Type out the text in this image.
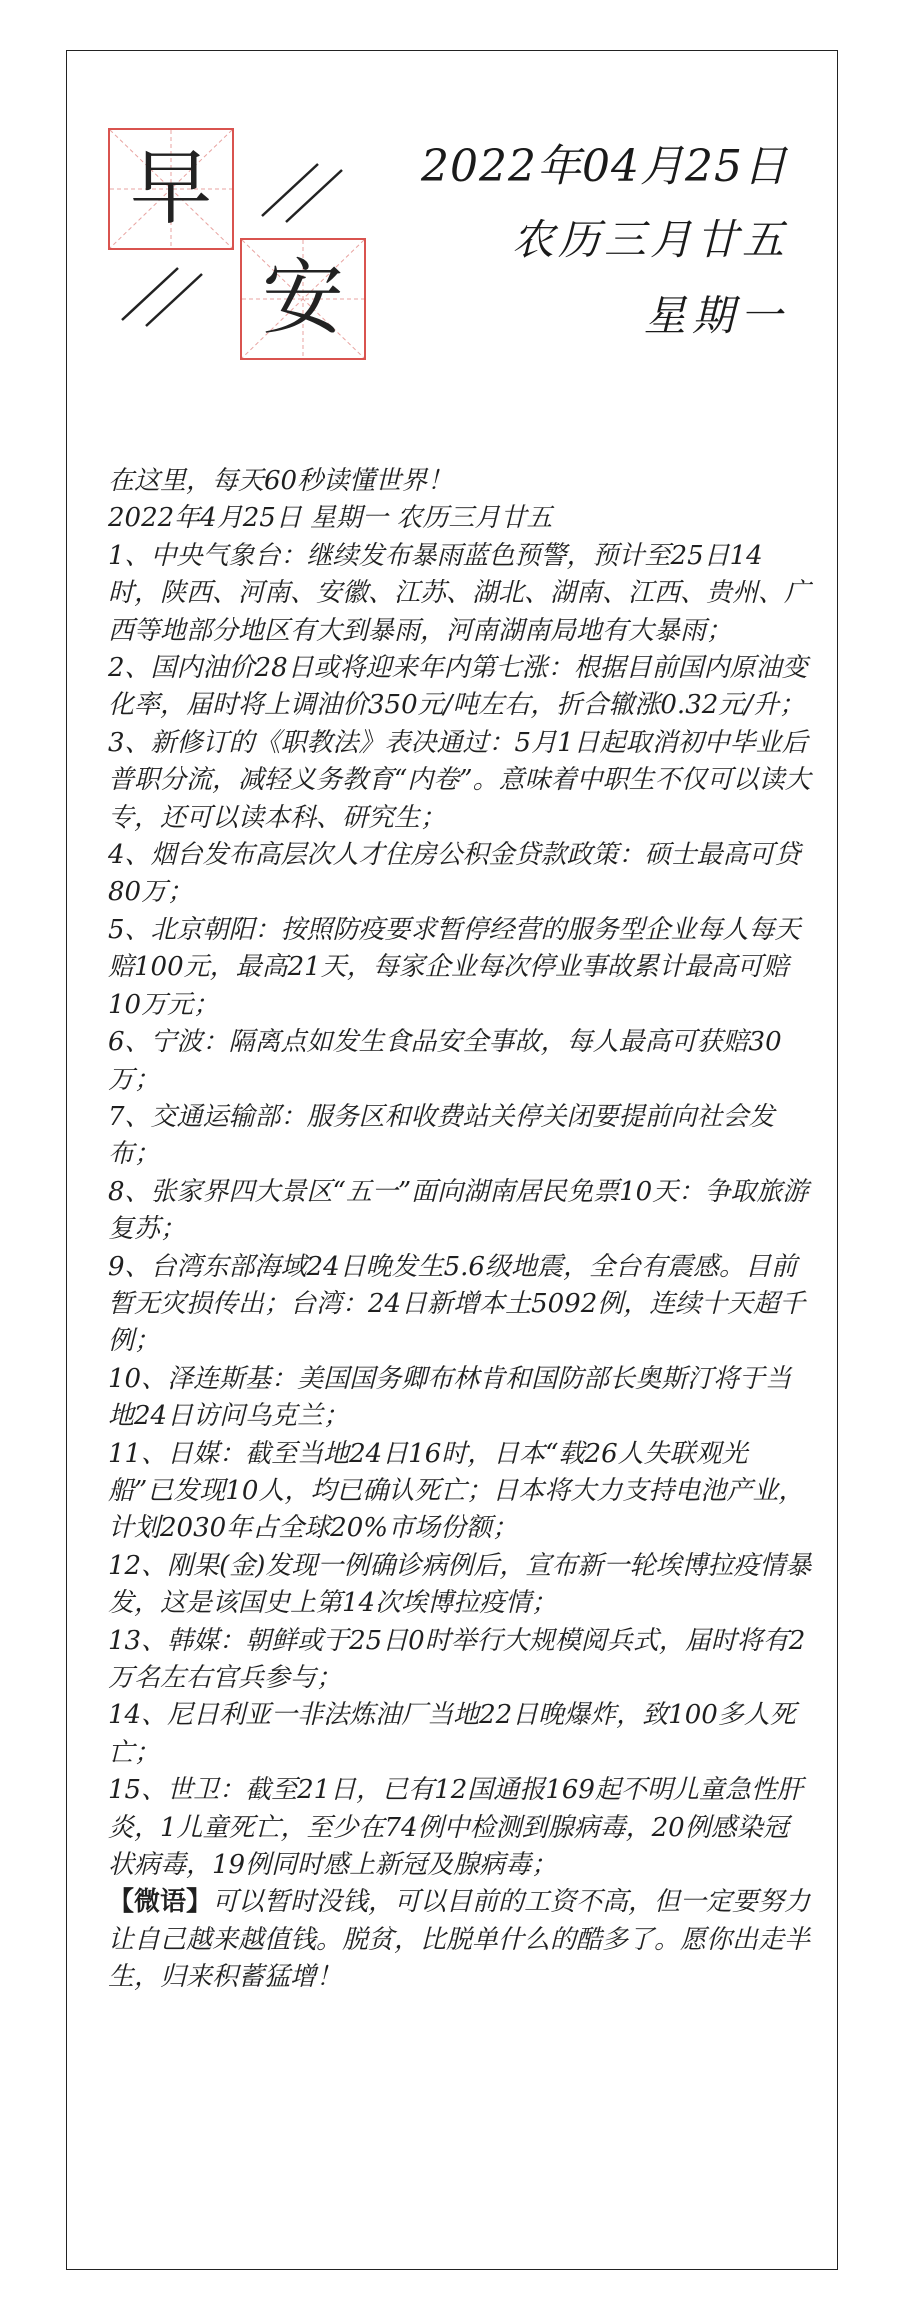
早
安
2022年04月25日
农历三月廿五
星期一

在这里，每天60秒读懂世界！

2022年4月25日 星期一 农历三月廿五

1、中央气象台：继续发布暴雨蓝色预警，预计至25日14时，陕西、河南、安徽、江苏、湖北、湖南、江西、贵州、广西等地部分地区有大到暴雨，河南湖南局地有大暴雨；

2、国内油价28日或将迎来年内第七涨：根据目前国内原油变化率，届时将上调油价350元/吨左右，折合辙涨0.32元/升；

3、新修订的《职教法》表决通过：5月1日起取消初中毕业后普职分流，减轻义务教育“内卷”。意味着中职生不仅可以读大专，还可以读本科、研究生；

4、烟台发布高层次人才住房公积金贷款政策：硕士最高可贷80万；

5、北京朝阳：按照防疫要求暂停经营的服务型企业每人每天赔100元，最高21天，每家企业每次停业事故累计最高可赔10万元；

6、宁波：隔离点如发生食品安全事故，每人最高可获赔30万；

7、交通运输部：服务区和收费站关停关闭要提前向社会发布；

8、张家界四大景区“五一”面向湖南居民免票10天：争取旅游复苏；

9、台湾东部海域24日晚发生5.6级地震，全台有震感。目前暂无灾损传出；台湾：24日新增本土5092例，连续十天超千例；

10、泽连斯基：美国国务卿布林肯和国防部长奥斯汀将于当地24日访问乌克兰；

11、日媒：截至当地24日16时，日本“载26人失联观光船”已发现10人，均已确认死亡；日本将大力支持电池产业，计划2030年占全球20%市场份额；

12、刚果(金)发现一例确诊病例后，宣布新一轮埃博拉疫情暴发，这是该国史上第14次埃博拉疫情；

13、韩媒：朝鲜或于25日0时举行大规模阅兵式，届时将有2万名左右官兵参与；

14、尼日利亚一非法炼油厂当地22日晚爆炸，致100多人死亡；

15、世卫：截至21日，已有12国通报169起不明儿童急性肝炎，1儿童死亡，至少在74例中检测到腺病毒，20例感染冠状病毒，19例同时感上新冠及腺病毒；

【微语】可以暂时没钱，可以目前的工资不高，但一定要努力让自己越来越值钱。脱贫，比脱单什么的酷多了。愿你出走半生，归来积蓄猛增！
